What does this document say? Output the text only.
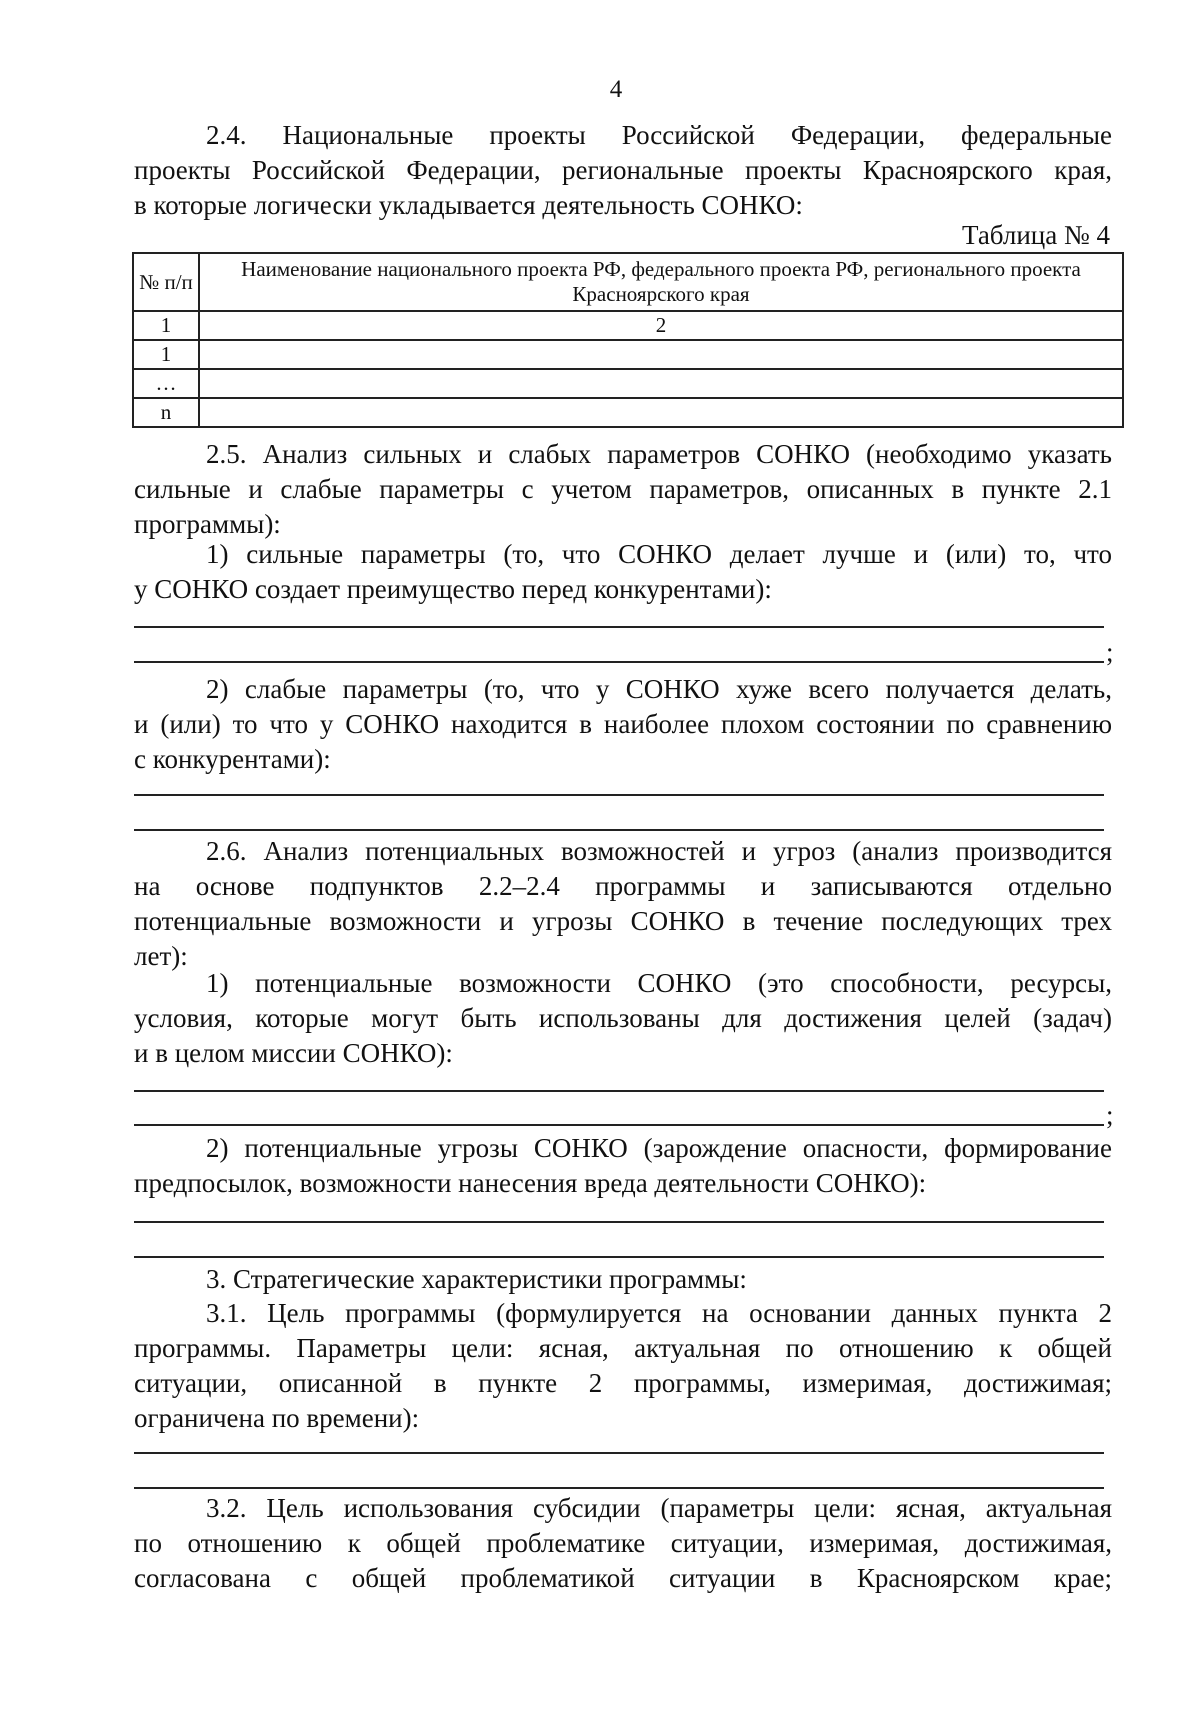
4
2.4. Национальные проекты Российской Федерации, федеральные
проекты Российской Федерации, региональные проекты Красноярского края,
в которые логически укладывается деятельность СОНКО:
Таблица № 4
№ п/п	Наименование национального проекта РФ, федерального проекта РФ, регионального проекта Красноярского края
1	2
1	
…	
n	
2.5. Анализ сильных и слабых параметров СОНКО (необходимо указать
сильные и слабые параметры с учетом параметров, описанных в пункте 2.1
программы):
1) сильные параметры (то, что СОНКО делает лучше и (или) то, что
у СОНКО создает преимущество перед конкурентами):
;
2) слабые параметры (то, что у СОНКО хуже всего получается делать,
и (или) то что у СОНКО находится в наиболее плохом состоянии по сравнению
с конкурентами):
2.6. Анализ потенциальных возможностей и угроз (анализ производится
на основе подпунктов 2.2–2.4 программы и записываются отдельно
потенциальные возможности и угрозы СОНКО в течение последующих трех
лет):
1) потенциальные возможности СОНКО (это способности, ресурсы,
условия, которые могут быть использованы для достижения целей (задач)
и в целом миссии СОНКО):
;
2) потенциальные угрозы СОНКО (зарождение опасности, формирование
предпосылок, возможности нанесения вреда деятельности СОНКО):
3. Стратегические характеристики программы:
3.1. Цель программы (формулируется на основании данных пункта 2
программы. Параметры цели: ясная, актуальная по отношению к общей
ситуации, описанной в пункте 2 программы, измеримая, достижимая;
ограничена по времени):
3.2. Цель использования субсидии (параметры цели: ясная, актуальная
по отношению к общей проблематике ситуации, измеримая, достижимая,
согласована с общей проблематикой ситуации в Красноярском крае;
